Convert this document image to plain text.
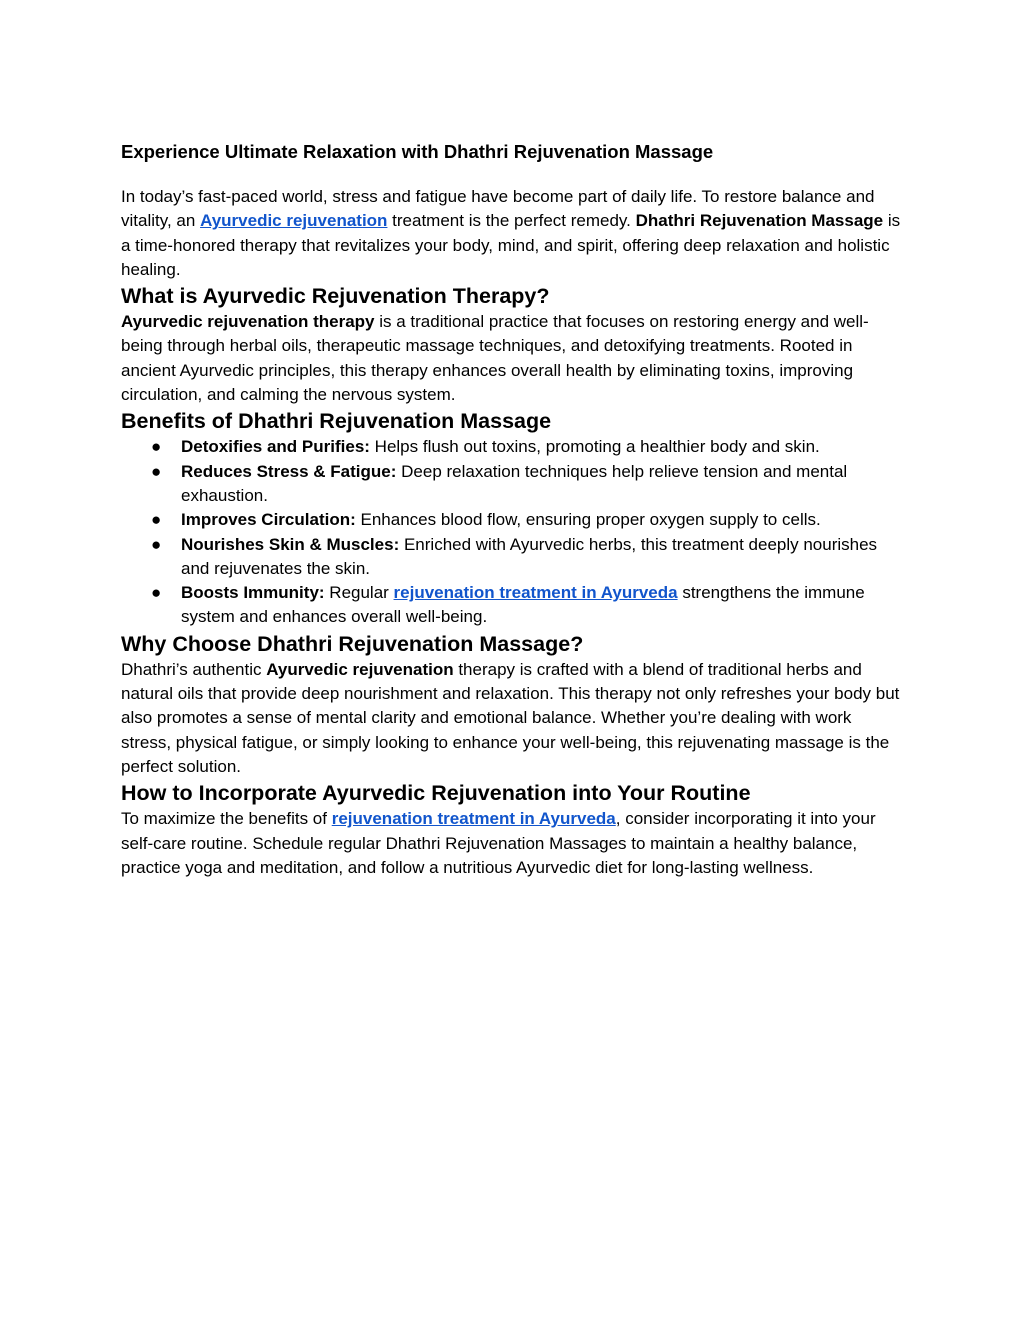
Experience Ultimate Relaxation with Dhathri Rejuvenation Massage

In today’s fast-paced world, stress and fatigue have become part of daily life. To restore balance and vitality, an Ayurvedic rejuvenation treatment is the perfect remedy. Dhathri Rejuvenation Massage is a time-honored therapy that revitalizes your body, mind, and spirit, offering deep relaxation and holistic healing.

What is Ayurvedic Rejuvenation Therapy?

Ayurvedic rejuvenation therapy is a traditional practice that focuses on restoring energy and well-being through herbal oils, therapeutic massage techniques, and detoxifying treatments. Rooted in ancient Ayurvedic principles, this therapy enhances overall health by eliminating toxins, improving circulation, and calming the nervous system.

Benefits of Dhathri Rejuvenation Massage
● Detoxifies and Purifies: Helps flush out toxins, promoting a healthier body and skin.
● Reduces Stress & Fatigue: Deep relaxation techniques help relieve tension and mental exhaustion.
● Improves Circulation: Enhances blood flow, ensuring proper oxygen supply to cells.
● Nourishes Skin & Muscles: Enriched with Ayurvedic herbs, this treatment deeply nourishes and rejuvenates the skin.
● Boosts Immunity: Regular rejuvenation treatment in Ayurveda strengthens the immune system and enhances overall well-being.
Why Choose Dhathri Rejuvenation Massage?

Dhathri’s authentic Ayurvedic rejuvenation therapy is crafted with a blend of traditional herbs and natural oils that provide deep nourishment and relaxation. This therapy not only refreshes your body but also promotes a sense of mental clarity and emotional balance. Whether you’re dealing with work stress, physical fatigue, or simply looking to enhance your well-being, this rejuvenating massage is the perfect solution.

How to Incorporate Ayurvedic Rejuvenation into Your Routine

To maximize the benefits of rejuvenation treatment in Ayurveda, consider incorporating it into your self-care routine. Schedule regular Dhathri Rejuvenation Massages to maintain a healthy balance, practice yoga and meditation, and follow a nutritious Ayurvedic diet for long-lasting wellness.
